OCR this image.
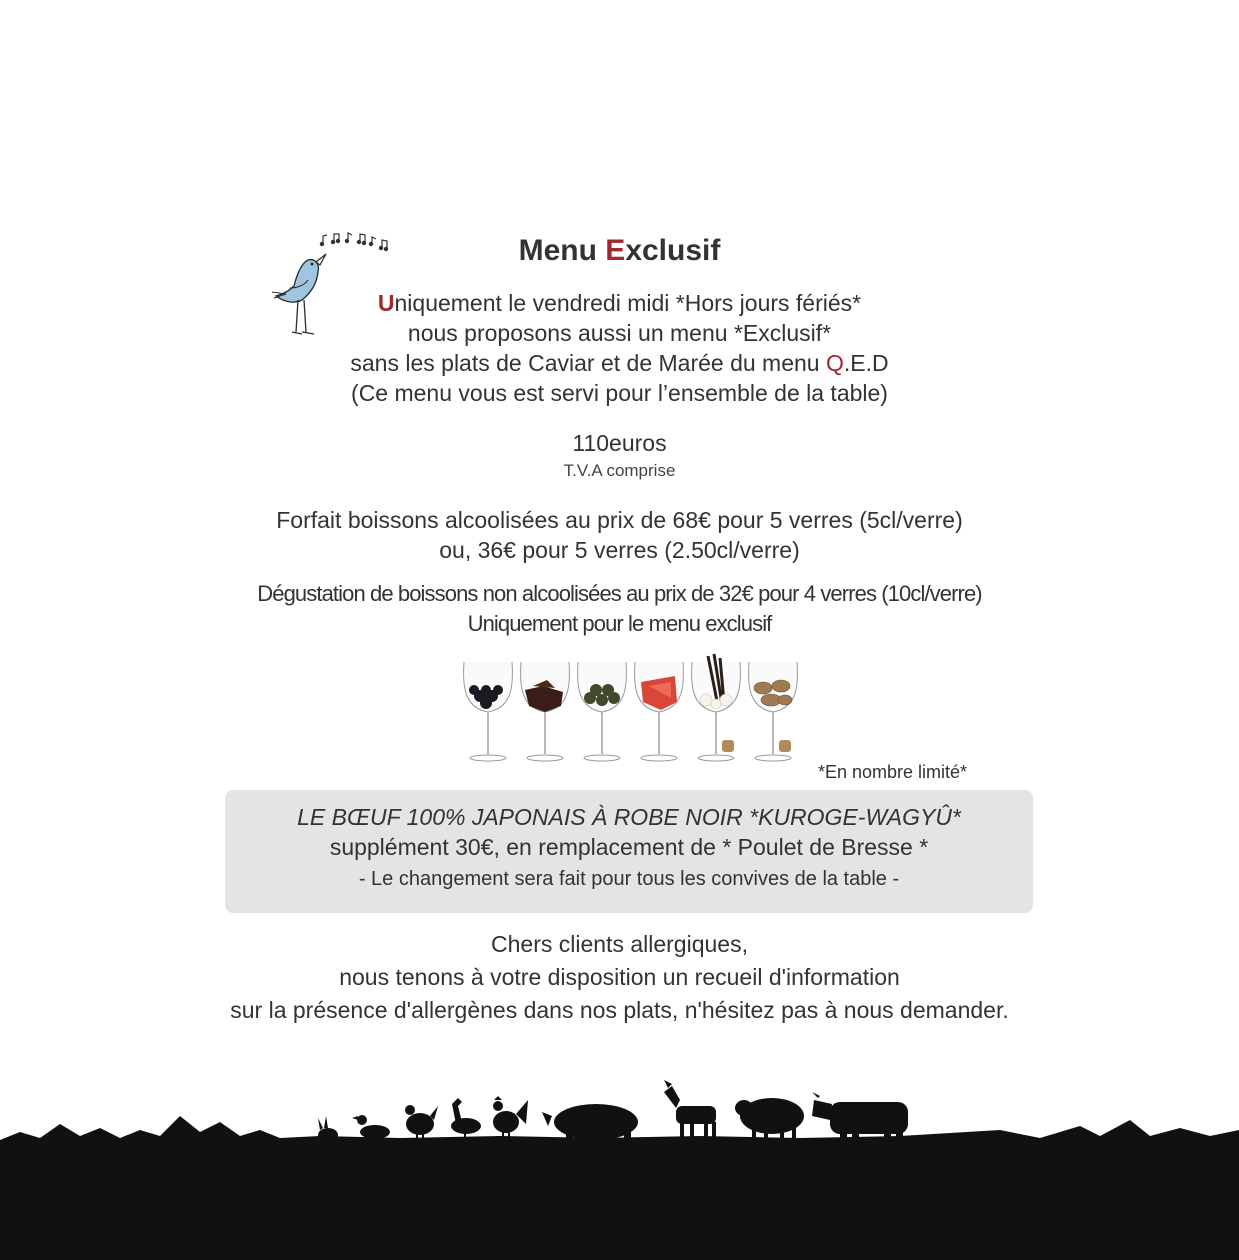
Menu Exclusif
Uniquement le vendredi midi *Hors jours fériés*
nous proposons aussi un menu *Exclusif*
sans les plats de Caviar et de Marée du menu Q.E.D
(Ce menu vous est servi pour l’ensemble de la table)
110euros
T.V.A comprise
Forfait boissons alcoolisées au prix de 68€ pour 5 verres (5cl/verre)
ou, 36€ pour 5 verres (2.50cl/verre)
Dégustation de boissons non alcoolisées au prix de 32€ pour 4 verres (10cl/verre)
Uniquement pour le menu exclusif
*En nombre limité*
LE BŒUF 100% JAPONAIS À ROBE NOIR *KUROGE-WAGYÛ*
supplément 30€, en remplacement de * Poulet de Bresse *
- Le changement sera fait pour tous les convives de la table -
Chers clients allergiques,
nous tenons à votre disposition un recueil d'information
sur la présence d'allergènes dans nos plats, n'hésitez pas à nous demander.
